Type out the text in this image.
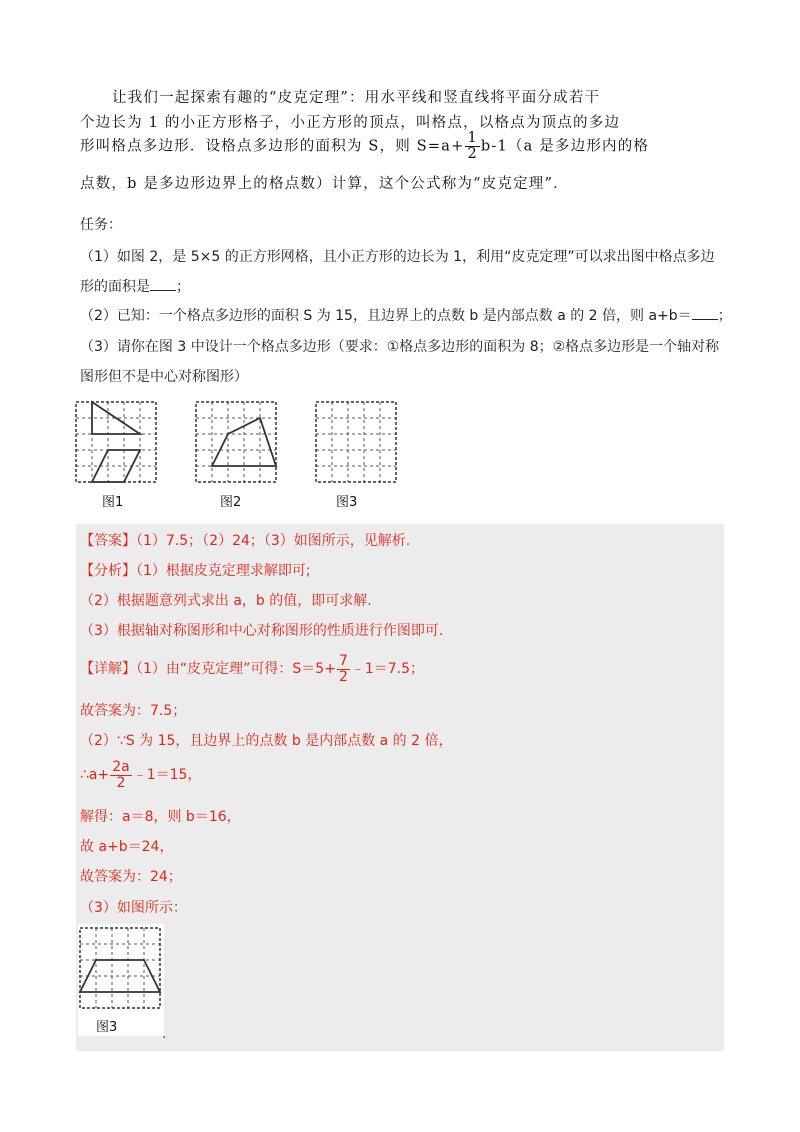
让我们一起探索有趣的“皮克定理”：用水平线和竖直线将平面分成若干
个边长为 1 的小正方形格子，小正方形的顶点，叫格点，以格点为顶点的多边
形叫格点多边形．设格点多边形的面积为 S，则 $S=a+ \frac{1}{2} b-1(a$ 是多边形内的格
点数，b 是多边形边界上的格点数）计算，这个公式称为“皮克定理”．
任务：
（1）如图 2，是 5×5 的正方形网格，且小正方形的边长为 1，利用“皮克定理”可以求出图中格点多边
形的面积是 ；
（2）已知：一个格点多边形的面积 S 为 15，且边界上的点数 b 是内部点数 a 的 2 倍，则 a+b＝ ；
（3）请你在图 3 中设计一个格点多边形（要求：①格点多边形的面积为 8；②格点多边形是一个轴对称
图形但不是中心对称图形）
图1	图2	图3
【答案】（1）7.5；（2）24；（3）如图所示，见解析.
【分析】（1）根据皮克定理求解即可;
（2）根据题意列式求出 a，b 的值，即可求解.
（3）根据轴对称图形和中心对称图形的性质进行作图即可.
【详解】（1）由“皮克定理”可得：$S=5+ \frac{7}{2}$ ﹣1＝7.5；
故答案为：7.5；
（2）∵S 为 15，且边界上的点数 b 是内部点数 a 的 2 倍，
∴a+ $\frac{2a}{2}$ ﹣1＝15，
解得：a＝8，则 b＝16，
故 a+b＝24，
故答案为：24；
（3）如图所示：
图3	.
